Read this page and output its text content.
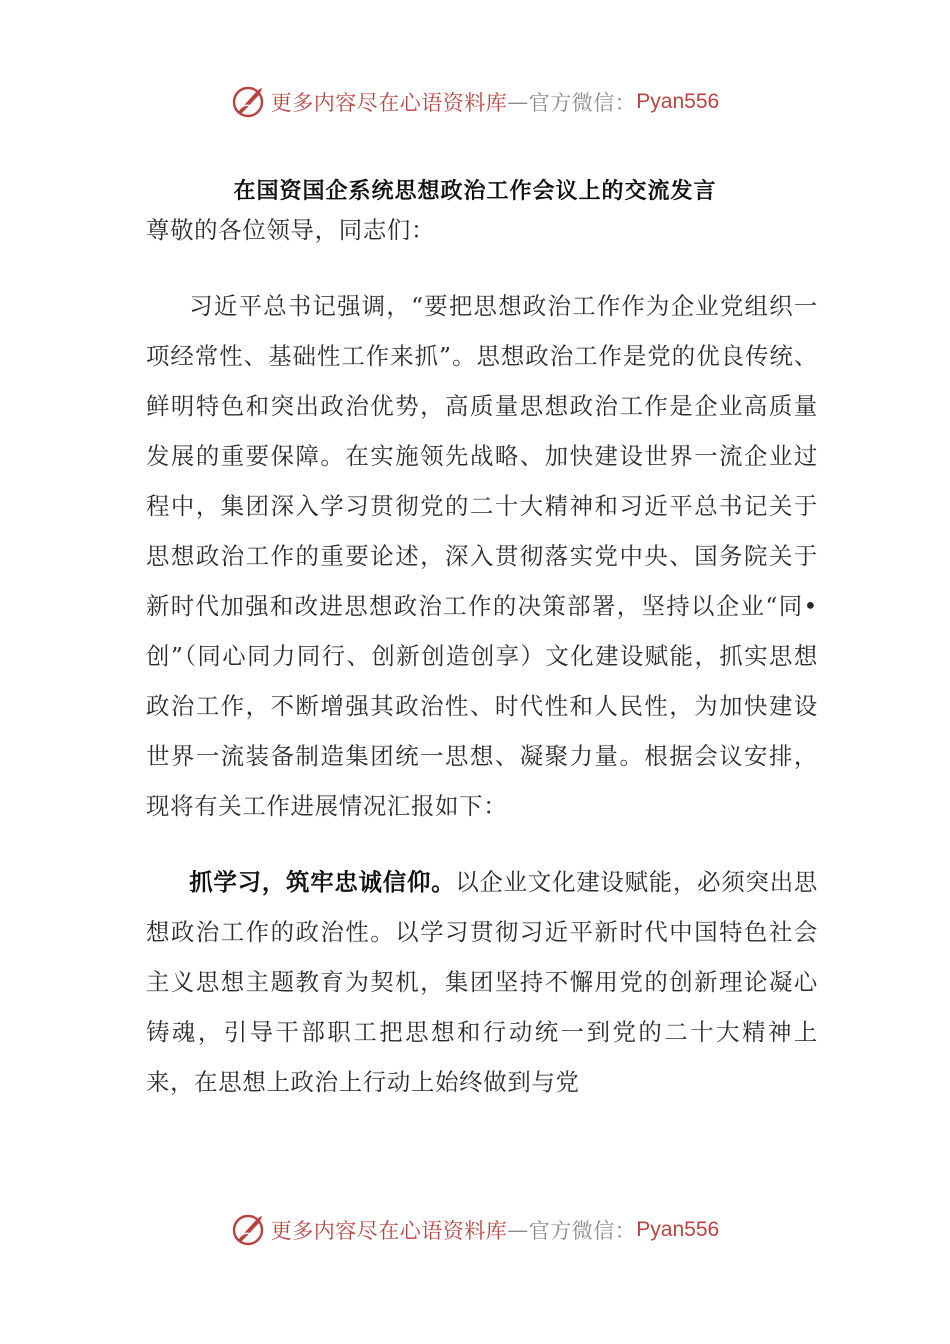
更多内容尽在心语资料库 — 官方微信： Pyan556
在国资国企系统思想政治工作会议上的交流发言

尊敬的各位领导，同志们：

习近平总书记强调，“要把思想政治工作作为企业党组织一项经常性、基础性工作来抓”。思想政治工作是党的优良传统、鲜明特色和突出政治优势，高质量思想政治工作是企业高质量发展的重要保障。在实施领先战略、加快建设世界一流企业过程中，集团深入学习贯彻党的二十大精神和习近平总书记关于思想政治工作的重要论述，深入贯彻落实党中央、国务院关于新时代加强和改进思想政治工作的决策部署，坚持以企业“同•创”（同心同力同行、创新创造创享）文化建设赋能，抓实思想政治工作，不断增强其政治性、时代性和人民性，为加快建设世界一流装备制造集团统一思想、凝聚力量。根据会议安排，现将有关工作进展情况汇报如下：

抓学习，筑牢忠诚信仰。以企业文化建设赋能，必须突出思想政治工作的政治性。以学习贯彻习近平新时代中国特色社会主义思想主题教育为契机，集团坚持不懈用党的创新理论凝心铸魂，引导干部职工把思想和行动统一到党的二十大精神上来，在思想上政治上行动上始终做到与党

更多内容尽在心语资料库 — 官方微信： Pyan556
